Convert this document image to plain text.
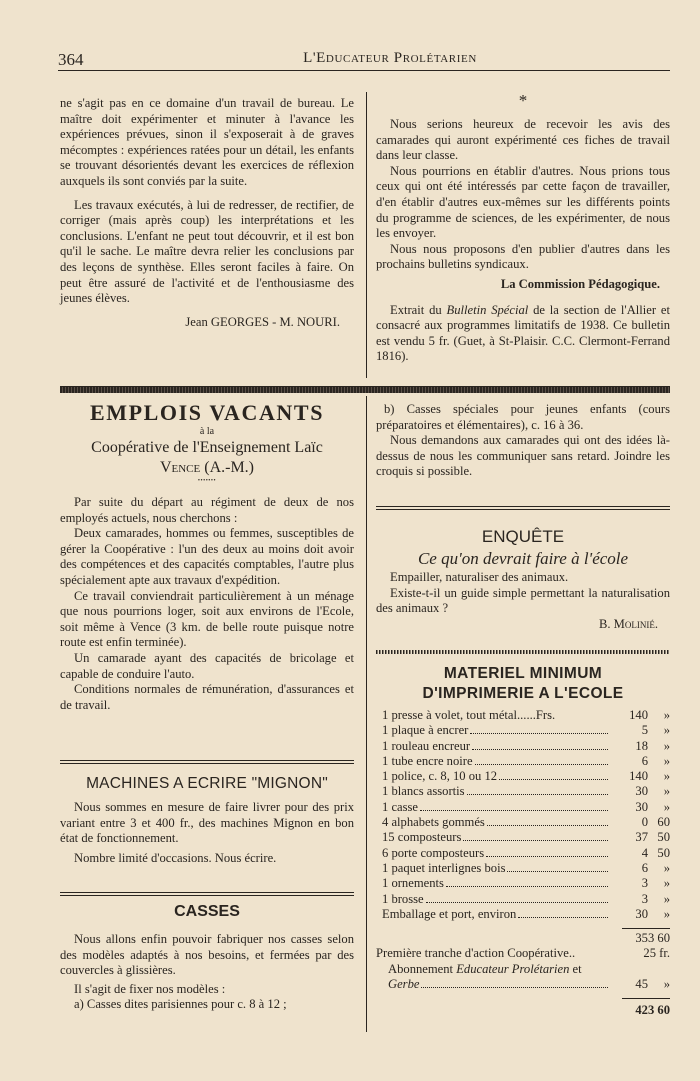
364	L'Educateur Prolétarien

ne s'agit pas en ce domaine d'un travail de bureau. Le maître doit expérimenter et minuter à l'avance les expériences prévues, sinon il s'exposerait à de graves mécomptes : expériences ratées pour un détail, les enfants se trouvant désorientés devant les exercices de réflexion auxquels ils sont conviés par la suite.

Les travaux exécutés, à lui de redresser, de rectifier, de corriger (mais après coup) les interprétations et les conclusions. L'enfant ne peut tout découvrir, et il est bon qu'il le sache. Le maître devra relier les conclusions par des leçons de synthèse. Elles seront faciles à faire. On peut être assuré de l'activité et de l'enthousiasme des jeunes élèves.

Jean GEORGES - M. NOURI.

*

Nous serions heureux de recevoir les avis des camarades qui auront expérimenté ces fiches de travail dans leur classe.

Nous pourrions en établir d'autres. Nous prions tous ceux qui ont été intéressés par cette façon de travailler, d'en établir d'autres eux-mêmes sur les différents points du programme de sciences, de les expérimenter, de nous les envoyer.

Nous nous proposons d'en publier d'autres dans les prochains bulletins syndicaux.

La Commission Pédagogique.

Extrait du Bulletin Spécial de la section de l'Allier et consacré aux programmes limitatifs de 1938. Ce bulletin est vendu 5 fr. (Guet, à St-Plaisir. C.C. Clermont-Ferrand 1816).

EMPLOIS VACANTS
à la
Coopérative de l'Enseignement Laïc
Vence (A.-M.)
•••••••

Par suite du départ au régiment de deux de nos employés actuels, nous cherchons :

Deux camarades, hommes ou femmes, susceptibles de gérer la Coopérative : l'un des deux au moins doit avoir des compétences et des capacités comptables, l'autre plus spécialement apte aux travaux d'expédition.

Ce travail conviendrait particulièrement à un ménage que nous pourrions loger, soit aux environs de l'Ecole, soit même à Vence (3 km. de belle route puisque notre route est enfin terminée).

Un camarade ayant des capacités de bricolage et capable de conduire l'auto.

Conditions normales de rémunération, d'assurances et de travail.

MACHINES A ECRIRE "MIGNON"

Nous sommes en mesure de faire livrer pour des prix variant entre 3 et 400 fr., des machines Mignon en bon état de fonctionnement.

Nombre limité d'occasions. Nous écrire.

CASSES

Nous allons enfin pouvoir fabriquer nos casses selon des modèles adaptés à nos besoins, et fermées par des couvercles à glissières.

Il s'agit de fixer nos modèles :

a) Casses dites parisiennes pour c. 8 à 12 ;

b) Casses spéciales pour jeunes enfants (cours préparatoires et élémentaires), c. 16 à 36.

Nous demandons aux camarades qui ont des idées là-dessus de nous les communiquer sans retard. Joindre les croquis si possible.

ENQUÊTE
Ce qu'on devrait faire à l'école

Empailler, naturaliser des animaux.

Existe-t-il un guide simple permettant la naturalisation des animaux ?

B. Molinié.

MATERIEL MINIMUM
D'IMPRIMERIE A L'ECOLE
1 presse à volet, tout métal......Frs.	140	»
1 plaque à encrer	5	»
1 rouleau encreur	18	»
1 tube encre noire	6	»
1 police, c. 8, 10 ou 12	140	»
1 blancs assortis	30	»
1 casse	30	»
4 alphabets gommés	0 60
15 composteurs	37 50
6 porte composteurs	4 50
1 paquet interlignes bois	6	»
1 ornements	3	»
1 brosse	3	»
Emballage et port, environ	30	»
353 60
Première tranche d'action Coopérative..	25 fr.
Abonnement Educateur Prolétarien et
Gerbe	45	»
423 60
